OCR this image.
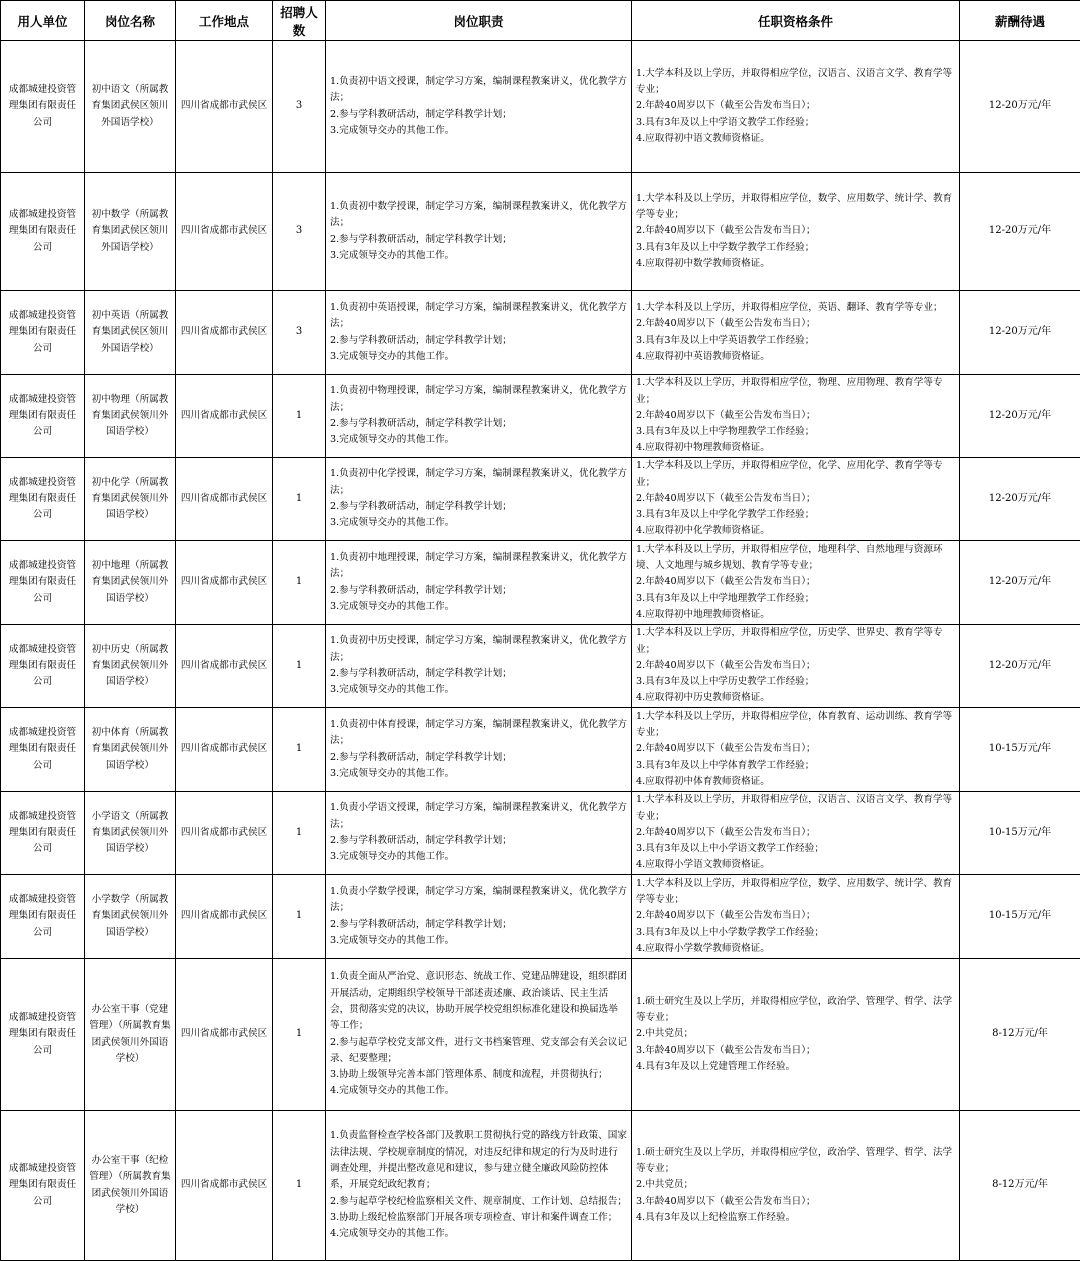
用人单位	岗位名称	工作地点	招聘人数	岗位职责	任职资格条件	薪酬待遇
成都城建投资管理集团有限责任公司	初中语文（所属教育集团武侯区领川外国语学校）	四川省成都市武侯区	3	1.负责初中语文授课，制定学习方案，编制课程教案讲义，优化教学方法；
2.参与学科教研活动，制定学科教学计划；
3.完成领导交办的其他工作。	1.大学本科及以上学历，并取得相应学位，汉语言、汉语言文学、教育学等专业；
2.年龄40周岁以下（截至公告发布当日）；
3.具有3年及以上中学语文教学工作经验；
4.应取得初中语文教师资格证。	12-20万元/年
成都城建投资管理集团有限责任公司	初中数学（所属教育集团武侯区领川外国语学校）	四川省成都市武侯区	3	1.负责初中数学授课，制定学习方案，编制课程教案讲义，优化教学方法；
2.参与学科教研活动，制定学科教学计划；
3.完成领导交办的其他工作。	1.大学本科及以上学历，并取得相应学位，数学、应用数学、统计学、教育学等专业；
2.年龄40周岁以下（截至公告发布当日）；
3.具有3年及以上中学数学教学工作经验；
4.应取得初中数学教师资格证。	12-20万元/年
成都城建投资管理集团有限责任公司	初中英语（所属教育集团武侯区领川外国语学校）	四川省成都市武侯区	3	1.负责初中英语授课，制定学习方案，编制课程教案讲义，优化教学方法；
2.参与学科教研活动，制定学科教学计划；
3.完成领导交办的其他工作。	1.大学本科及以上学历，并取得相应学位，英语、翻译、教育学等专业；
2.年龄40周岁以下（截至公告发布当日）；
3.具有3年及以上中学英语教学工作经验；
4.应取得初中英语教师资格证。	12-20万元/年
成都城建投资管理集团有限责任公司	初中物理（所属教育集团武侯领川外国语学校）	四川省成都市武侯区	1	1.负责初中物理授课，制定学习方案，编制课程教案讲义，优化教学方法；
2.参与学科教研活动，制定学科教学计划；
3.完成领导交办的其他工作。	1.大学本科及以上学历，并取得相应学位，物理、应用物理、教育学等专业；
2.年龄40周岁以下（截至公告发布当日）；
3.具有3年及以上中学物理教学工作经验；
4.应取得初中物理教师资格证。	12-20万元/年
成都城建投资管理集团有限责任公司	初中化学（所属教育集团武侯领川外国语学校）	四川省成都市武侯区	1	1.负责初中化学授课，制定学习方案，编制课程教案讲义，优化教学方法；
2.参与学科教研活动，制定学科教学计划；
3.完成领导交办的其他工作。	1.大学本科及以上学历，并取得相应学位，化学、应用化学、教育学等专业；
2.年龄40周岁以下（截至公告发布当日）；
3.具有3年及以上中学化学教学工作经验；
4.应取得初中化学教师资格证。	12-20万元/年
成都城建投资管理集团有限责任公司	初中地理（所属教育集团武侯领川外国语学校）	四川省成都市武侯区	1	1.负责初中地理授课，制定学习方案，编制课程教案讲义，优化教学方法；
2.参与学科教研活动，制定学科教学计划；
3.完成领导交办的其他工作。	1.大学本科及以上学历，并取得相应学位，地理科学、自然地理与资源环境、人文地理与城乡规划、教育学等专业；
2.年龄40周岁以下（截至公告发布当日）；
3.具有3年及以上中学地理教学工作经验；
4.应取得初中地理教师资格证。	12-20万元/年
成都城建投资管理集团有限责任公司	初中历史（所属教育集团武侯领川外国语学校）	四川省成都市武侯区	1	1.负责初中历史授课，制定学习方案，编制课程教案讲义，优化教学方法；
2.参与学科教研活动，制定学科教学计划；
3.完成领导交办的其他工作。	1.大学本科及以上学历，并取得相应学位，历史学、世界史、教育学等专业；
2.年龄40周岁以下（截至公告发布当日）；
3.具有3年及以上中学历史教学工作经验；
4.应取得初中历史教师资格证。	12-20万元/年
成都城建投资管理集团有限责任公司	初中体育（所属教育集团武侯领川外国语学校）	四川省成都市武侯区	1	1.负责初中体育授课，制定学习方案，编制课程教案讲义，优化教学方法；
2.参与学科教研活动，制定学科教学计划；
3.完成领导交办的其他工作。	1.大学本科及以上学历，并取得相应学位，体育教育、运动训练、教育学等专业；
2.年龄40周岁以下（截至公告发布当日）；
3.具有3年及以上中学体育教学工作经验；
4.应取得初中体育教师资格证。	10-15万元/年
成都城建投资管理集团有限责任公司	小学语文（所属教育集团武侯领川外国语学校）	四川省成都市武侯区	1	1.负责小学语文授课，制定学习方案，编制课程教案讲义，优化教学方法；
2.参与学科教研活动，制定学科教学计划；
3.完成领导交办的其他工作。	1.大学本科及以上学历，并取得相应学位，汉语言、汉语言文学、教育学等专业；
2.年龄40周岁以下（截至公告发布当日）；
3.具有3年及以上中小学语文教学工作经验；
4.应取得小学语文教师资格证。	10-15万元/年
成都城建投资管理集团有限责任公司	小学数学（所属教育集团武侯领川外国语学校）	四川省成都市武侯区	1	1.负责小学数学授课，制定学习方案，编制课程教案讲义，优化教学方法；
2.参与学科教研活动，制定学科教学计划；
3.完成领导交办的其他工作。	1.大学本科及以上学历，并取得相应学位，数学、应用数学、统计学、教育学等专业；
2.年龄40周岁以下（截至公告发布当日）；
3.具有3年及以上中小学数学教学工作经验；
4.应取得小学数学教师资格证。	10-15万元/年
成都城建投资管理集团有限责任公司	办公室干事（党建管理）（所属教育集团武侯领川外国语学校）	四川省成都市武侯区	1	1.负责全面从严治党、意识形态、统战工作、党建品牌建设，组织群团开展活动，定期组织学校领导干部述责述廉、政治谈话、民主生活会，贯彻落实党的决议，协助开展学校党组织标准化建设和换届选举等工作；
2.参与起草学校党支部文件，进行文书档案管理、党支部会有关会议记录、纪要整理；
3.协助上级领导完善本部门管理体系、制度和流程，并贯彻执行；
4.完成领导交办的其他工作。	1.硕士研究生及以上学历，并取得相应学位，政治学、管理学、哲学、法学等专业；
2.中共党员；
3.年龄40周岁以下（截至公告发布当日）；
4.具有3年及以上党建管理工作经验。	8-12万元/年
成都城建投资管理集团有限责任公司	办公室干事（纪检管理）（所属教育集团武侯领川外国语学校）	四川省成都市武侯区	1	1.负责监督检查学校各部门及教职工贯彻执行党的路线方针政策、国家法律法规、学校规章制度的情况，对违反纪律和规定的行为及时进行调查处理，并提出整改意见和建议，参与建立健全廉政风险防控体系，开展党纪政纪教育；
2.参与起草学校纪检监察相关文件、规章制度、工作计划、总结报告；
3.协助上级纪检监察部门开展各项专项检查、审计和案件调查工作；
4.完成领导交办的其他工作。	1.硕士研究生及以上学历，并取得相应学位，政治学、管理学、哲学、法学等专业；
2.中共党员；
3.年龄40周岁以下（截至公告发布当日）；
4.具有3年及以上纪检监察工作经验。	8-12万元/年
